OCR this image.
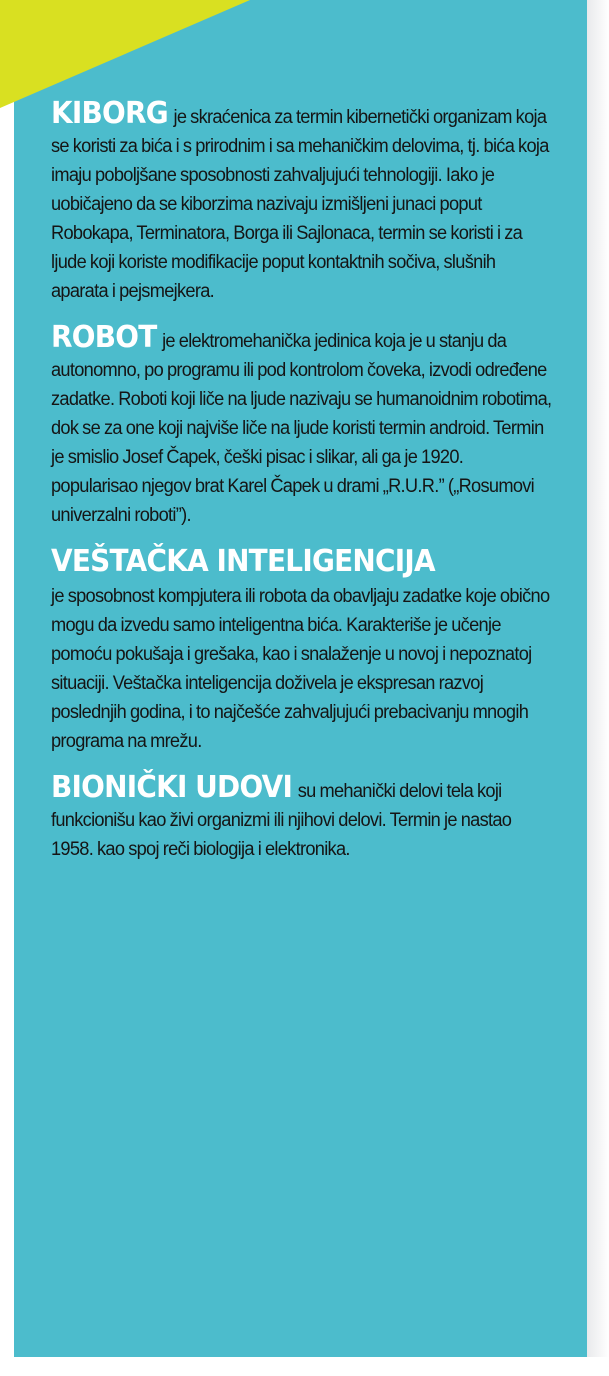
KIBORG je skraćenica za termin kibernetički organizam koja se koristi za bića i s prirodnim i sa mehaničkim delovima, tj. bića koja imaju poboljšane sposobnosti zahvaljujući tehnologiji. Iako je uobičajeno da se kiborzima nazivaju izmišljeni junaci poput Robokapa, Terminatora, Borga ili Sajlonaca, termin se koristi i za ljude koji koriste modifikacije poput kontaktnih sočiva, slušnih aparata i pejsmejkera.

ROBOT je elektromehanička jedinica koja je u stanju da autonomno, po programu ili pod kontrolom čoveka, izvodi određene zadatke. Roboti koji liče na ljude nazivaju se humanoidnim robotima, dok se za one koji najviše liče na ljude koristi termin android. Termin je smislio Josef Čapek, češki pisac i slikar, ali ga je 1920. popularisao njegov brat Karel Čapek u drami „R.U.R.” („Rosumovi univerzalni roboti”).

VEŠTAČKA INTELIGENCIJA
je sposobnost kompjutera ili robota da obavljaju zadatke koje obično mogu da izvedu samo inteligentna bića. Karakteriše je učenje pomoću pokušaja i grešaka, kao i snalaženje u novoj i nepoznatoj situaciji. Veštačka inteligencija doživela je ekspresan razvoj poslednjih godina, i to najčešće zahvaljujući prebacivanju mnogih programa na mrežu.

BIONIČKI UDOVI su mehanički delovi tela koji funkcionišu kao živi organizmi ili njihovi delovi. Termin je nastao 1958. kao spoj reči biologija i elektronika.
